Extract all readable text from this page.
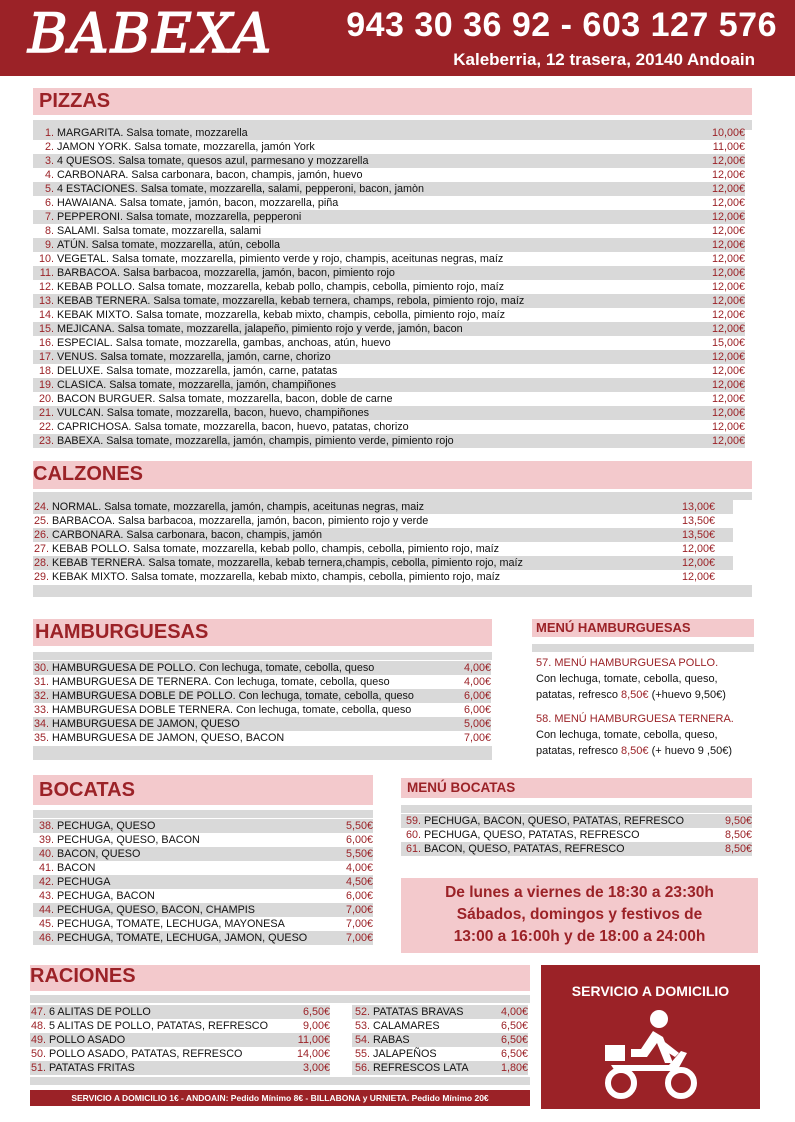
BABEXA 943 30 36 92 - 603 127 576
Kaleberria, 12 trasera, 20140 Andoain
PIZZAS
1. MARGARITA. Salsa tomate, mozzarella	10,00€
2. JAMON YORK. Salsa tomate, mozzarella, jamón York	11,00€
3. 4 QUESOS. Salsa tomate, quesos azul, parmesano y mozzarella	12,00€
4. CARBONARA. Salsa carbonara, bacon, champis, jamón, huevo	12,00€
5. 4 ESTACIONES. Salsa tomate, mozzarella, salami, pepperoni, bacon, jamòn	12,00€
6. HAWAIANA. Salsa tomate, jamón, bacon, mozzarella, piña	12,00€
7. PEPPERONI. Salsa tomate, mozzarella, pepperoni	12,00€
8. SALAMI. Salsa tomate, mozzarella, salami	12,00€
9. ATÚN. Salsa tomate, mozzarella, atún, cebolla	12,00€
10. VEGETAL. Salsa tomate, mozzarella, pimiento verde y rojo, champis, aceitunas negras, maíz	12,00€
11. BARBACOA. Salsa barbacoa, mozzarella, jamón, bacon, pimiento rojo	12,00€
12. KEBAB POLLO. Salsa tomate, mozzarella, kebab pollo, champis, cebolla, pimiento rojo, maíz	12,00€
13. KEBAB TERNERA. Salsa tomate, mozzarella, kebab ternera, champs, rebola, pimiento rojo, maíz	12,00€
14. KEBAK MIXTO. Salsa tomate, mozzarella, kebab mixto, champis, cebolla, pimiento rojo, maíz	12,00€
15. MEJICANA. Salsa tomate, mozzarella, jalapeño, pimiento rojo y verde, jamón, bacon	12,00€
16. ESPECIAL. Salsa tomate, mozzarella, gambas, anchoas, atún, huevo	15,00€
17. VENUS. Salsa tomate, mozzarella, jamón, carne, chorizo	12,00€
18. DELUXE. Salsa tomate, mozzarella, jamón, carne, patatas	12,00€
19. CLASICA. Salsa tomate, mozzarella, jamón, champiñones	12,00€
20. BACON BURGUER. Salsa tomate, mozzarella, bacon, doble de carne	12,00€
21. VULCAN. Salsa tomate, mozzarella, bacon, huevo, champiñones	12,00€
22. CAPRICHOSA. Salsa tomate, mozzarella, bacon, huevo, patatas, chorizo	12,00€
23. BABEXA. Salsa tomate, mozzarella, jamón, champis, pimiento verde, pimiento rojo	12,00€
CALZONES
24. NORMAL. Salsa tomate, mozzarella, jamón, champis, aceitunas negras, maiz	13,00€
25. BARBACOA. Salsa barbacoa, mozzarella, jamón, bacon, pimiento rojo y verde	13,50€
26. CARBONARA. Salsa carbonara, bacon, champis, jamón	13,50€
27. KEBAB POLLO. Salsa tomate, mozzarella, kebab pollo, champis, cebolla, pimiento rojo, maíz	12,00€
28. KEBAB TERNERA. Salsa tomate, mozzarella, kebab ternera,champis, cebolla, pimiento rojo, maíz	12,00€
29. KEBAK MIXTO. Salsa tomate, mozzarella, kebab mixto, champis, cebolla, pimiento rojo, maíz	12,00€
HAMBURGUESAS
30. HAMBURGUESA DE POLLO. Con lechuga, tomate, cebolla, queso	4,00€
31. HAMBURGUESA DE TERNERA. Con lechuga, tomate, cebolla, queso	4,00€
32. HAMBURGUESA DOBLE DE POLLO. Con lechuga, tomate, cebolla, queso	6,00€
33. HAMBURGUESA DOBLE TERNERA. Con lechuga, tomate, cebolla, queso	6,00€
34. HAMBURGUESA DE JAMON, QUESO	5,00€
35. HAMBURGUESA DE JAMON, QUESO, BACON	7,00€
MENÚ HAMBURGUESAS
57. MENÚ HAMBURGUESA POLLO.
Con lechuga, tomate, cebolla, queso,
patatas, refresco 8,50€ (+huevo 9,50€)
58. MENÚ HAMBURGUESA TERNERA.
Con lechuga, tomate, cebolla, queso,
patatas, refresco 8,50€ (+ huevo 9 ,50€)
BOCATAS
38. PECHUGA, QUESO	5,50€
39. PECHUGA, QUESO, BACON	6,00€
40. BACON, QUESO	5,50€
41. BACON	4,00€
42. PECHUGA	4,50€
43. PECHUGA, BACON	6,00€
44. PECHUGA, QUESO, BACON, CHAMPIS	7,00€
45. PECHUGA, TOMATE, LECHUGA, MAYONESA	7,00€
46. PECHUGA, TOMATE, LECHUGA, JAMON, QUESO	7,00€
MENÚ BOCATAS
59. PECHUGA, BACON, QUESO, PATATAS, REFRESCO	9,50€
60. PECHUGA, QUESO, PATATAS, REFRESCO	8,50€
61. BACON, QUESO, PATATAS, REFRESCO	8,50€
De lunes a viernes de 18:30 a 23:30h
Sábados, domingos y festivos de
13:00 a 16:00h y de 18:00 a 24:00h
RACIONES
47. 6 ALITAS DE POLLO	6,50€
48. 5 ALITAS DE POLLO, PATATAS, REFRESCO	9,00€
49. POLLO ASADO	11,00€
50. POLLO ASADO, PATATAS, REFRESCO	14,00€
51. PATATAS FRITAS	3,00€
52. PATATAS BRAVAS	4,00€
53. CALAMARES	6,50€
54. RABAS	6,50€
55. JALAPEÑOS	6,50€
56. REFRESCOS LATA	1,80€
SERVICIO A DOMICILIO
SERVICIO A DOMICILIO 1€ - ANDOAIN: Pedido Mínimo 8€ - BILLABONA y URNIETA. Pedido Mínimo 20€
